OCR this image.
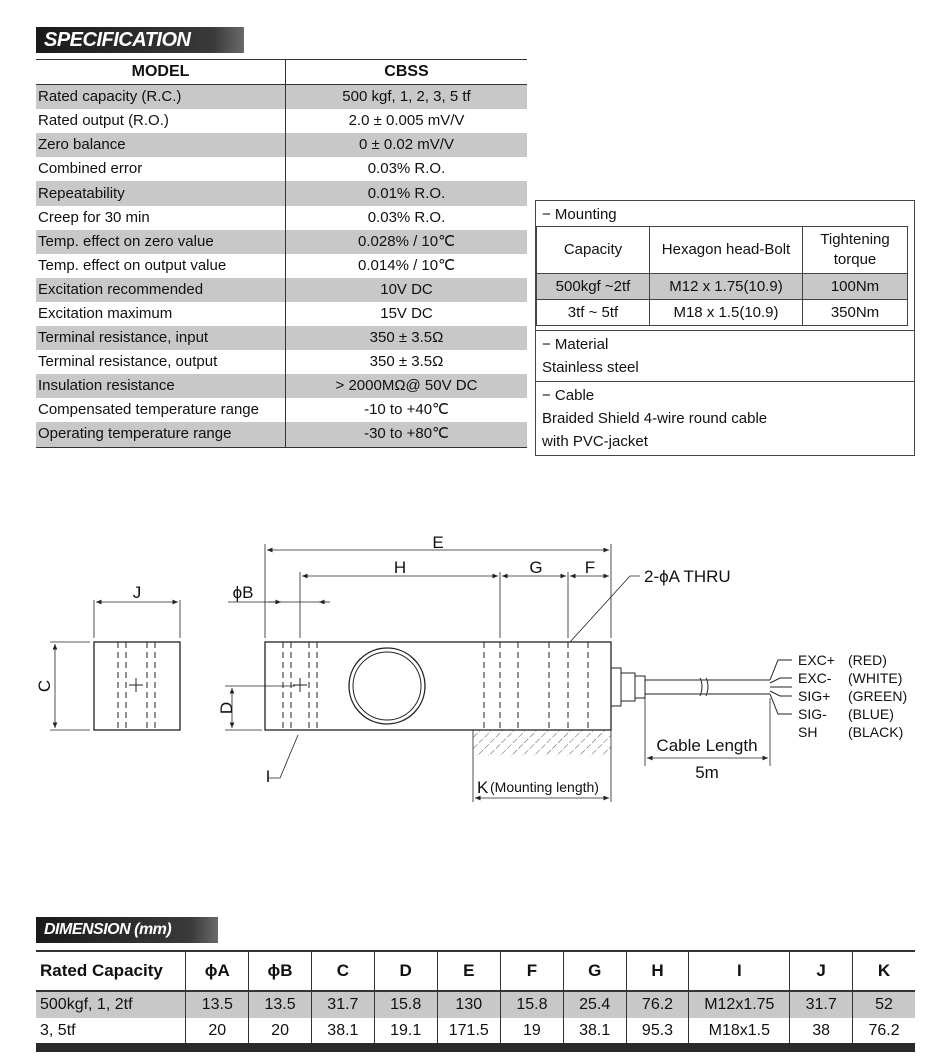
SPECIFICATION
MODEL	CBSS
Rated capacity (R.C.)	500 kgf, 1, 2, 3, 5 tf
Rated output (R.O.)	2.0 ± 0.005 mV/V
Zero balance	0 ± 0.02 mV/V
Combined error	0.03% R.O.
Repeatability	0.01% R.O.
Creep for 30 min	0.03% R.O.
Temp. effect on zero value	0.028% / 10℃
Temp. effect on output value	0.014% / 10℃
Excitation recommended	10V DC
Excitation maximum	15V DC
Terminal resistance, input	350 ± 3.5Ω
Terminal resistance, output	350 ± 3.5Ω
Insulation resistance	> 2000MΩ@ 50V DC
Compensated temperature range	-10 to +40℃
Operating temperature range	-30 to +80℃
− Mounting
Capacity	Hexagon head-Bolt	Tightening torque
500kgf ~2tf	M12 x 1.75(10.9)	100Nm
3tf ~ 5tf	M18 x 1.5(10.9)	350Nm
− Material
Stainless steel
− Cable
Braided Shield 4-wire round cable
with PVC-jacket
J
C
E
H	G F
ϕB
2-ϕA THRU
D
I
K (Mounting length)
Cable Length
5m
EXC+ (RED)
EXC- (WHITE)
SIG+ (GREEN)
SIG- (BLUE)
SH (BLACK)
DIMENSION (mm)
Rated Capacity	ϕA	ϕB	C	D	E	F	G	H	I	J	K
500kgf, 1, 2tf	13.5	13.5	31.7	15.8	130	15.8	25.4	76.2	M12x1.75	31.7	52
3, 5tf	20	20	38.1	19.1	171.5	19	38.1	95.3	M18x1.5	38	76.2
